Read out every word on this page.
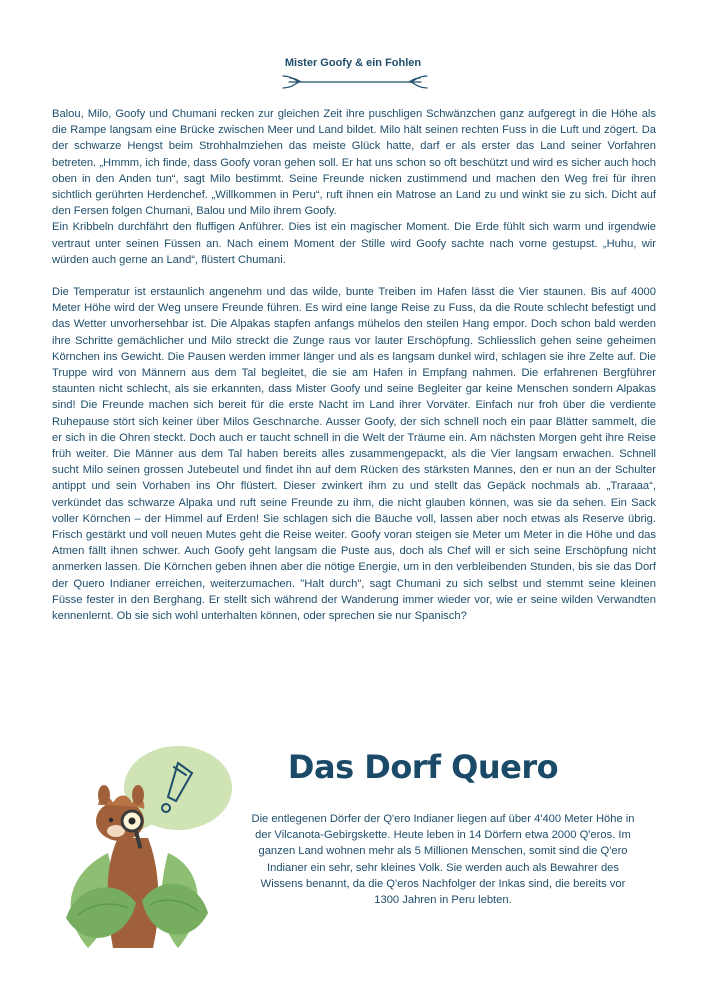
Mister Goofy & ein Fohlen

Balou, Milo, Goofy und Chumani recken zur gleichen Zeit ihre puschligen Schwänzchen ganz aufgeregt in die Höhe als die Rampe langsam eine Brücke zwischen Meer und Land bildet. Milo hält seinen rechten Fuss in die Luft und zögert. Da der schwarze Hengst beim Strohhalmziehen das meiste Glück hatte, darf er als erster das Land seiner Vorfahren betreten. „Hmmm, ich finde, dass Goofy voran gehen soll. Er hat uns schon so oft beschützt und wird es sicher auch hoch oben in den Anden tun“, sagt Milo bestimmt. Seine Freunde nicken zustimmend und machen den Weg frei für ihren sichtlich gerührten Herdenchef. „Willkommen in Peru“, ruft ihnen ein Matrose an Land zu und winkt sie zu sich. Dicht auf den Fersen folgen Chumani, Balou und Milo ihrem Goofy.

Ein Kribbeln durchfährt den fluffigen Anführer. Dies ist ein magischer Moment. Die Erde fühlt sich warm und irgendwie vertraut unter seinen Füssen an. Nach einem Moment der Stille wird Goofy sachte nach vorne gestupst. „Huhu, wir würden auch gerne an Land“, flüstert Chumani.

Die Temperatur ist erstaunlich angenehm und das wilde, bunte Treiben im Hafen lässt die Vier staunen. Bis auf 4000 Meter Höhe wird der Weg unsere Freunde führen. Es wird eine lange Reise zu Fuss, da die Route schlecht befestigt und das Wetter unvorhersehbar ist. Die Alpakas stapfen anfangs mühelos den steilen Hang empor. Doch schon bald werden ihre Schritte gemächlicher und Milo streckt die Zunge raus vor lauter Erschöpfung. Schliesslich gehen seine geheimen Körnchen ins Gewicht. Die Pausen werden immer länger und als es langsam dunkel wird, schlagen sie ihre Zelte auf. Die Truppe wird von Männern aus dem Tal begleitet, die sie am Hafen in Empfang nahmen. Die erfahrenen Bergführer staunten nicht schlecht, als sie erkannten, dass Mister Goofy und seine Begleiter gar keine Menschen sondern Alpakas sind! Die Freunde machen sich bereit für die erste Nacht im Land ihrer Vorväter. Einfach nur froh über die verdiente Ruhepause stört sich keiner über Milos Geschnarche. Ausser Goofy, der sich schnell noch ein paar Blätter sammelt, die er sich in die Ohren steckt. Doch auch er taucht schnell in die Welt der Träume ein. Am nächsten Morgen geht ihre Reise früh weiter. Die Männer aus dem Tal haben bereits alles zusammengepackt, als die Vier langsam erwachen. Schnell sucht Milo seinen grossen Jutebeutel und findet ihn auf dem Rücken des stärksten Mannes, den er nun an der Schulter antippt und sein Vorhaben ins Ohr flüstert. Dieser zwinkert ihm zu und stellt das Gepäck nochmals ab. „Traraaa“, verkündet das schwarze Alpaka und ruft seine Freunde zu ihm, die nicht glauben können, was sie da sehen. Ein Sack voller Körnchen – der Himmel auf Erden! Sie schlagen sich die Bäuche voll, lassen aber noch etwas als Reserve übrig. Frisch gestärkt und voll neuen Mutes geht die Reise weiter. Goofy voran steigen sie Meter um Meter in die Höhe und das Atmen fällt ihnen schwer. Auch Goofy geht langsam die Puste aus, doch als Chef will er sich seine Erschöpfung nicht anmerken lassen. Die Körnchen geben ihnen aber die nötige Energie, um in den verbleibenden Stunden, bis sie das Dorf der Quero Indianer erreichen, weiterzumachen. "Halt durch", sagt Chumani zu sich selbst und stemmt seine kleinen Füsse fester in den Berghang. Er stellt sich während der Wanderung immer wieder vor, wie er seine wilden Verwandten kennenlernt. Ob sie sich wohl unterhalten können, oder sprechen sie nur Spanisch?

Das Dorf Quero

Die entlegenen Dörfer der Q'ero Indianer liegen auf über 4'400 Meter Höhe in der Vilcanota-Gebirgskette. Heute leben in 14 Dörfern etwa 2000 Q'eros. Im ganzen Land wohnen mehr als 5 Millionen Menschen, somit sind die Q'ero Indianer ein sehr, sehr kleines Volk. Sie werden auch als Bewahrer des Wissens benannt, da die Q'eros Nachfolger der Inkas sind, die bereits vor 1300 Jahren in Peru lebten.
